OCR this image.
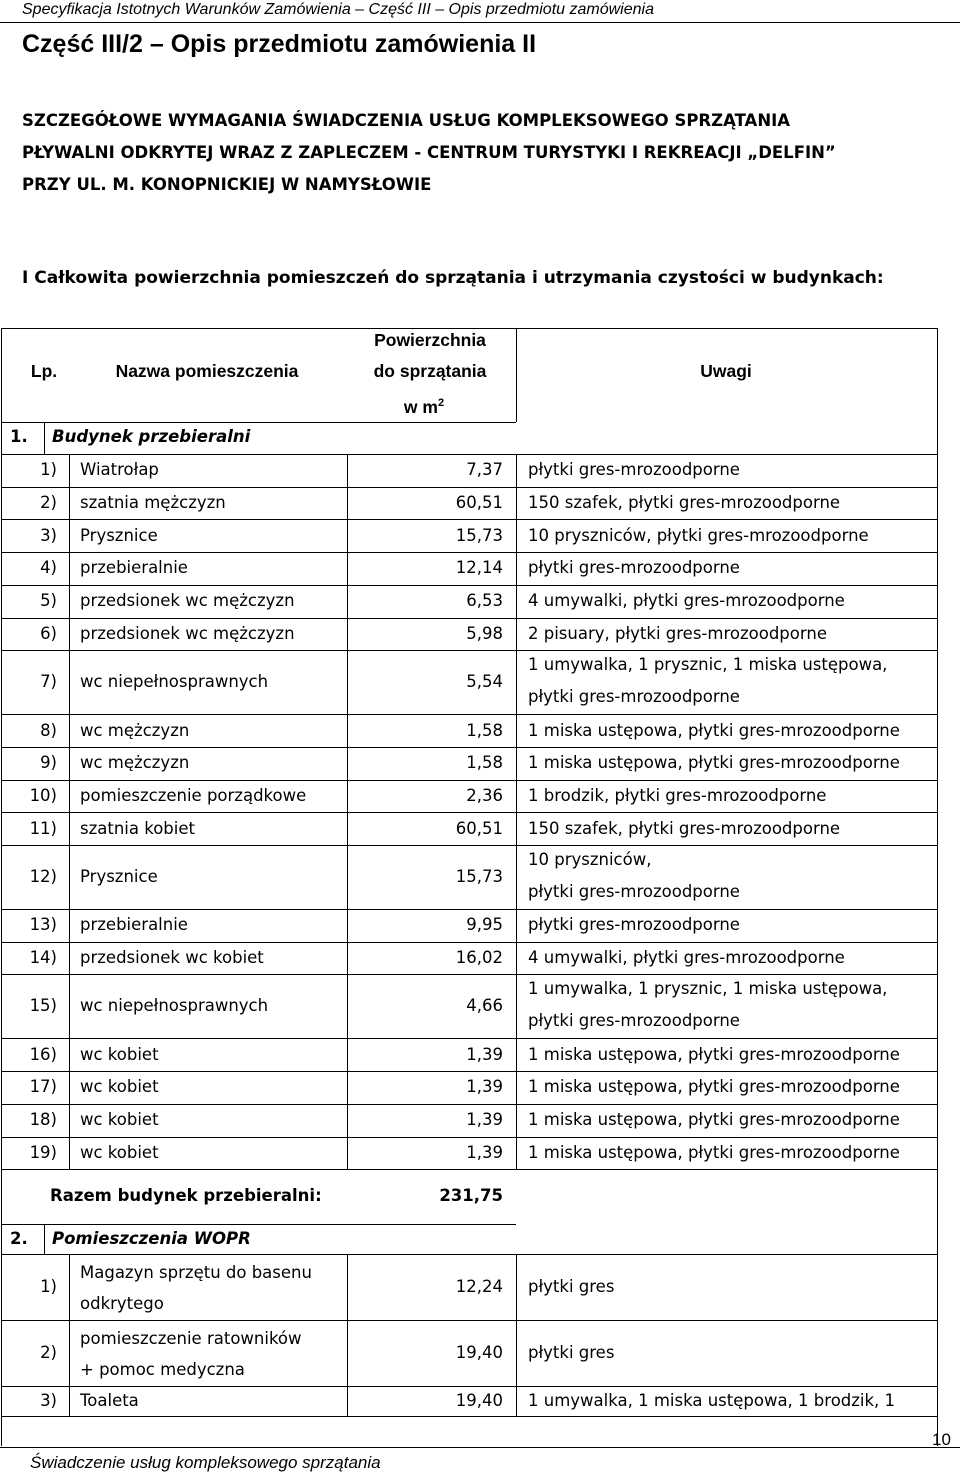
Specyfikacja Istotnych Warunków Zamówienia – Część III – Opis przedmiotu zamówienia
Część III/2 – Opis przedmiotu zamówienia II
SZCZEGÓŁOWE WYMAGANIA ŚWIADCZENIA USŁUG KOMPLEKSOWEGO SPRZĄTANIA
PŁYWALNI ODKRYTEJ WRAZ Z ZAPLECZEM - CENTRUM TURYSTYKI I REKREACJI „DELFIN”
PRZY UL. M. KONOPNICKIEJ W NAMYSŁOWIE
I Całkowita powierzchnia pomieszczeń do sprzątania i utrzymania czystości w budynkach:
Lp.	Nazwa pomieszczenia
Powierzchnia
do sprzątania
w $m^2$
Uwagi
1. Budynek przebieralni
1) Wiatrołap	7,37 płytki gres-mrozoodporne
2) szatnia mężczyzn	60,51 150 szafek, płytki gres-mrozoodporne
3) Prysznice	15,73 10 pryszniców, płytki gres-mrozoodporne
4) przebieralnie	12,14 płytki gres-mrozoodporne
5) przedsionek wc mężczyzn	6,53 4 umywalki, płytki gres-mrozoodporne
6) przedsionek wc mężczyzn	5,98 2 pisuary, płytki gres-mrozoodporne
7) wc niepełnosprawnych	5,54
1 umywalka, 1 prysznic, 1 miska ustępowa,
płytki gres-mrozoodporne
8) wc mężczyzn	1,58 1 miska ustępowa, płytki gres-mrozoodporne
9) wc mężczyzn	1,58 1 miska ustępowa, płytki gres-mrozoodporne
10) pomieszczenie porządkowe	2,36 1 brodzik, płytki gres-mrozoodporne
11) szatnia kobiet	60,51 150 szafek, płytki gres-mrozoodporne
12) Prysznice	15,73
10 pryszniców,
płytki gres-mrozoodporne
13) przebieralnie	9,95 płytki gres-mrozoodporne
14) przedsionek wc kobiet	16,02 4 umywalki, płytki gres-mrozoodporne
15) wc niepełnosprawnych	4,66
1 umywalka, 1 prysznic, 1 miska ustępowa,
płytki gres-mrozoodporne
16) wc kobiet	1,39 1 miska ustępowa, płytki gres-mrozoodporne
17) wc kobiet	1,39 1 miska ustępowa, płytki gres-mrozoodporne
18) wc kobiet	1,39 1 miska ustępowa, płytki gres-mrozoodporne
19) wc kobiet	1,39 1 miska ustępowa, płytki gres-mrozoodporne
Razem budynek przebieralni:	231,75
2. Pomieszczenia WOPR
1)
Magazyn sprzętu do basenu
odkrytego
12,24 płytki gres
2)
pomieszczenie ratowników
+ pomoc medyczna
19,40 płytki gres
3) Toaleta	19,40 1 umywalka, 1 miska ustępowa, 1 brodzik, 1
Świadczenie usług kompleksowego sprzątania
10
